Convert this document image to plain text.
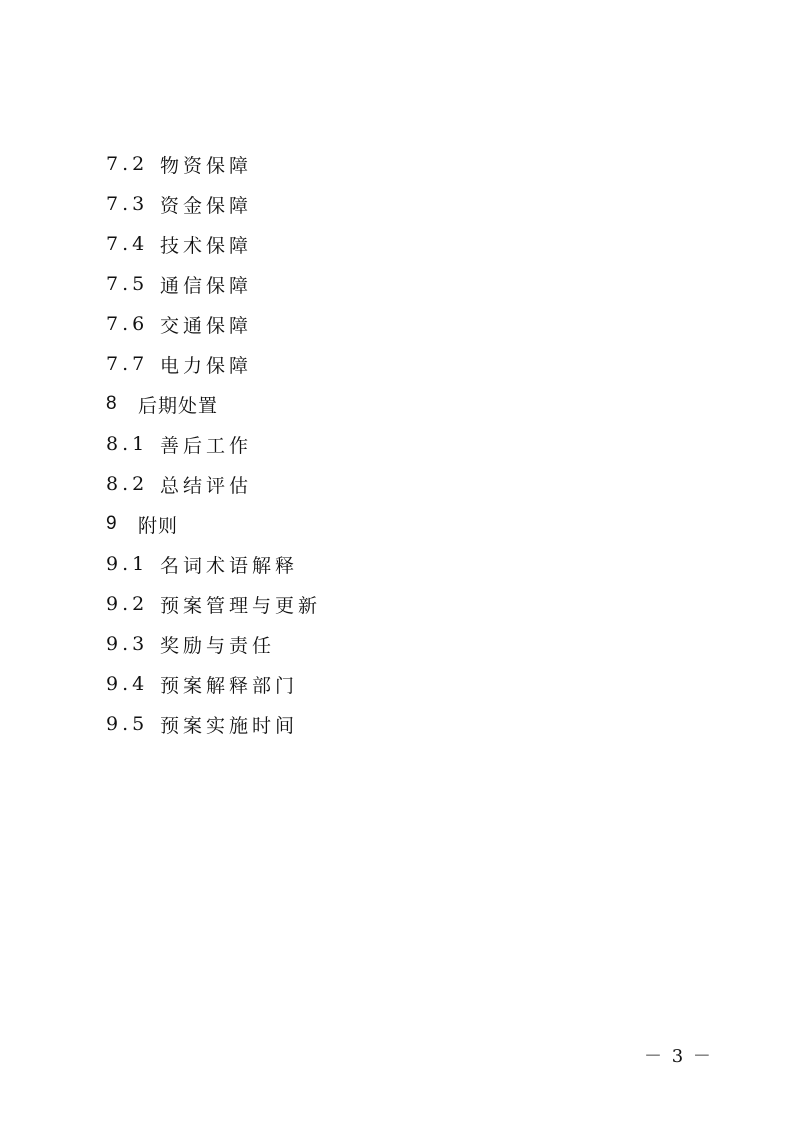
7.2 物资保障
7.3 资金保障
7.4 技术保障
7.5 通信保障
7.6 交通保障
7.7 电力保障
8	后期处置
8.1 善后工作
8.2 总结评估
9	附则
9.1 名词术语解释
9.2 预案管理与更新
9.3 奖励与责任
9.4 预案解释部门
9.5 预案实施时间
－ 3 －
